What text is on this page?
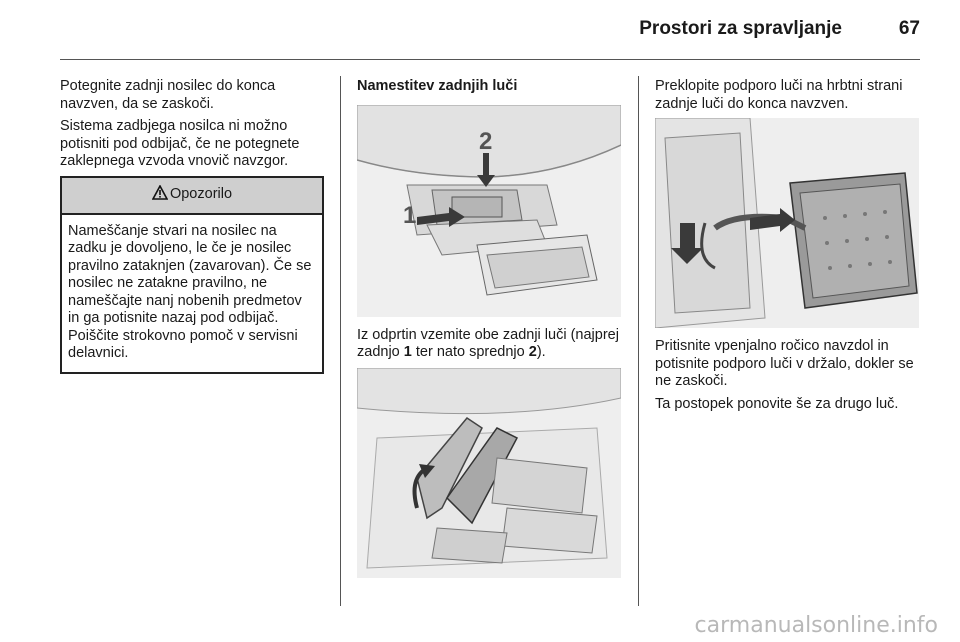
Prostori za spravljanje	67

Potegnite zadnji nosilec do konca navzven, da se zaskoči.

Sistema zadbjega nosilca ni možno potisniti pod odbijač, če ne potegnete zaklepnega vzvoda vnovič navzgor.

Opozorilo
Nameščanje stvari na nosilec na zadku je dovoljeno, le če je nosilec pravilno zataknjen (zavarovan). Če se nosilec ne zatakne pravilno, ne nameščajte nanj nobenih predmetov in ga potisnite nazaj pod odbijač. Poiščite strokovno pomoč v servisni delavnici.
Namestitev zadnjih luči
1
2

Iz odprtin vzemite obe zadnji luči (najprej zadnjo 1 ter nato sprednjo 2).

Preklopite podporo luči na hrbtni strani zadnje luči do konca navzven.

Pritisnite vpenjalno ročico navzdol in potisnite podporo luči v držalo, dokler se ne zaskoči.

Ta postopek ponovite še za drugo luč.

carmanualsonline.info
